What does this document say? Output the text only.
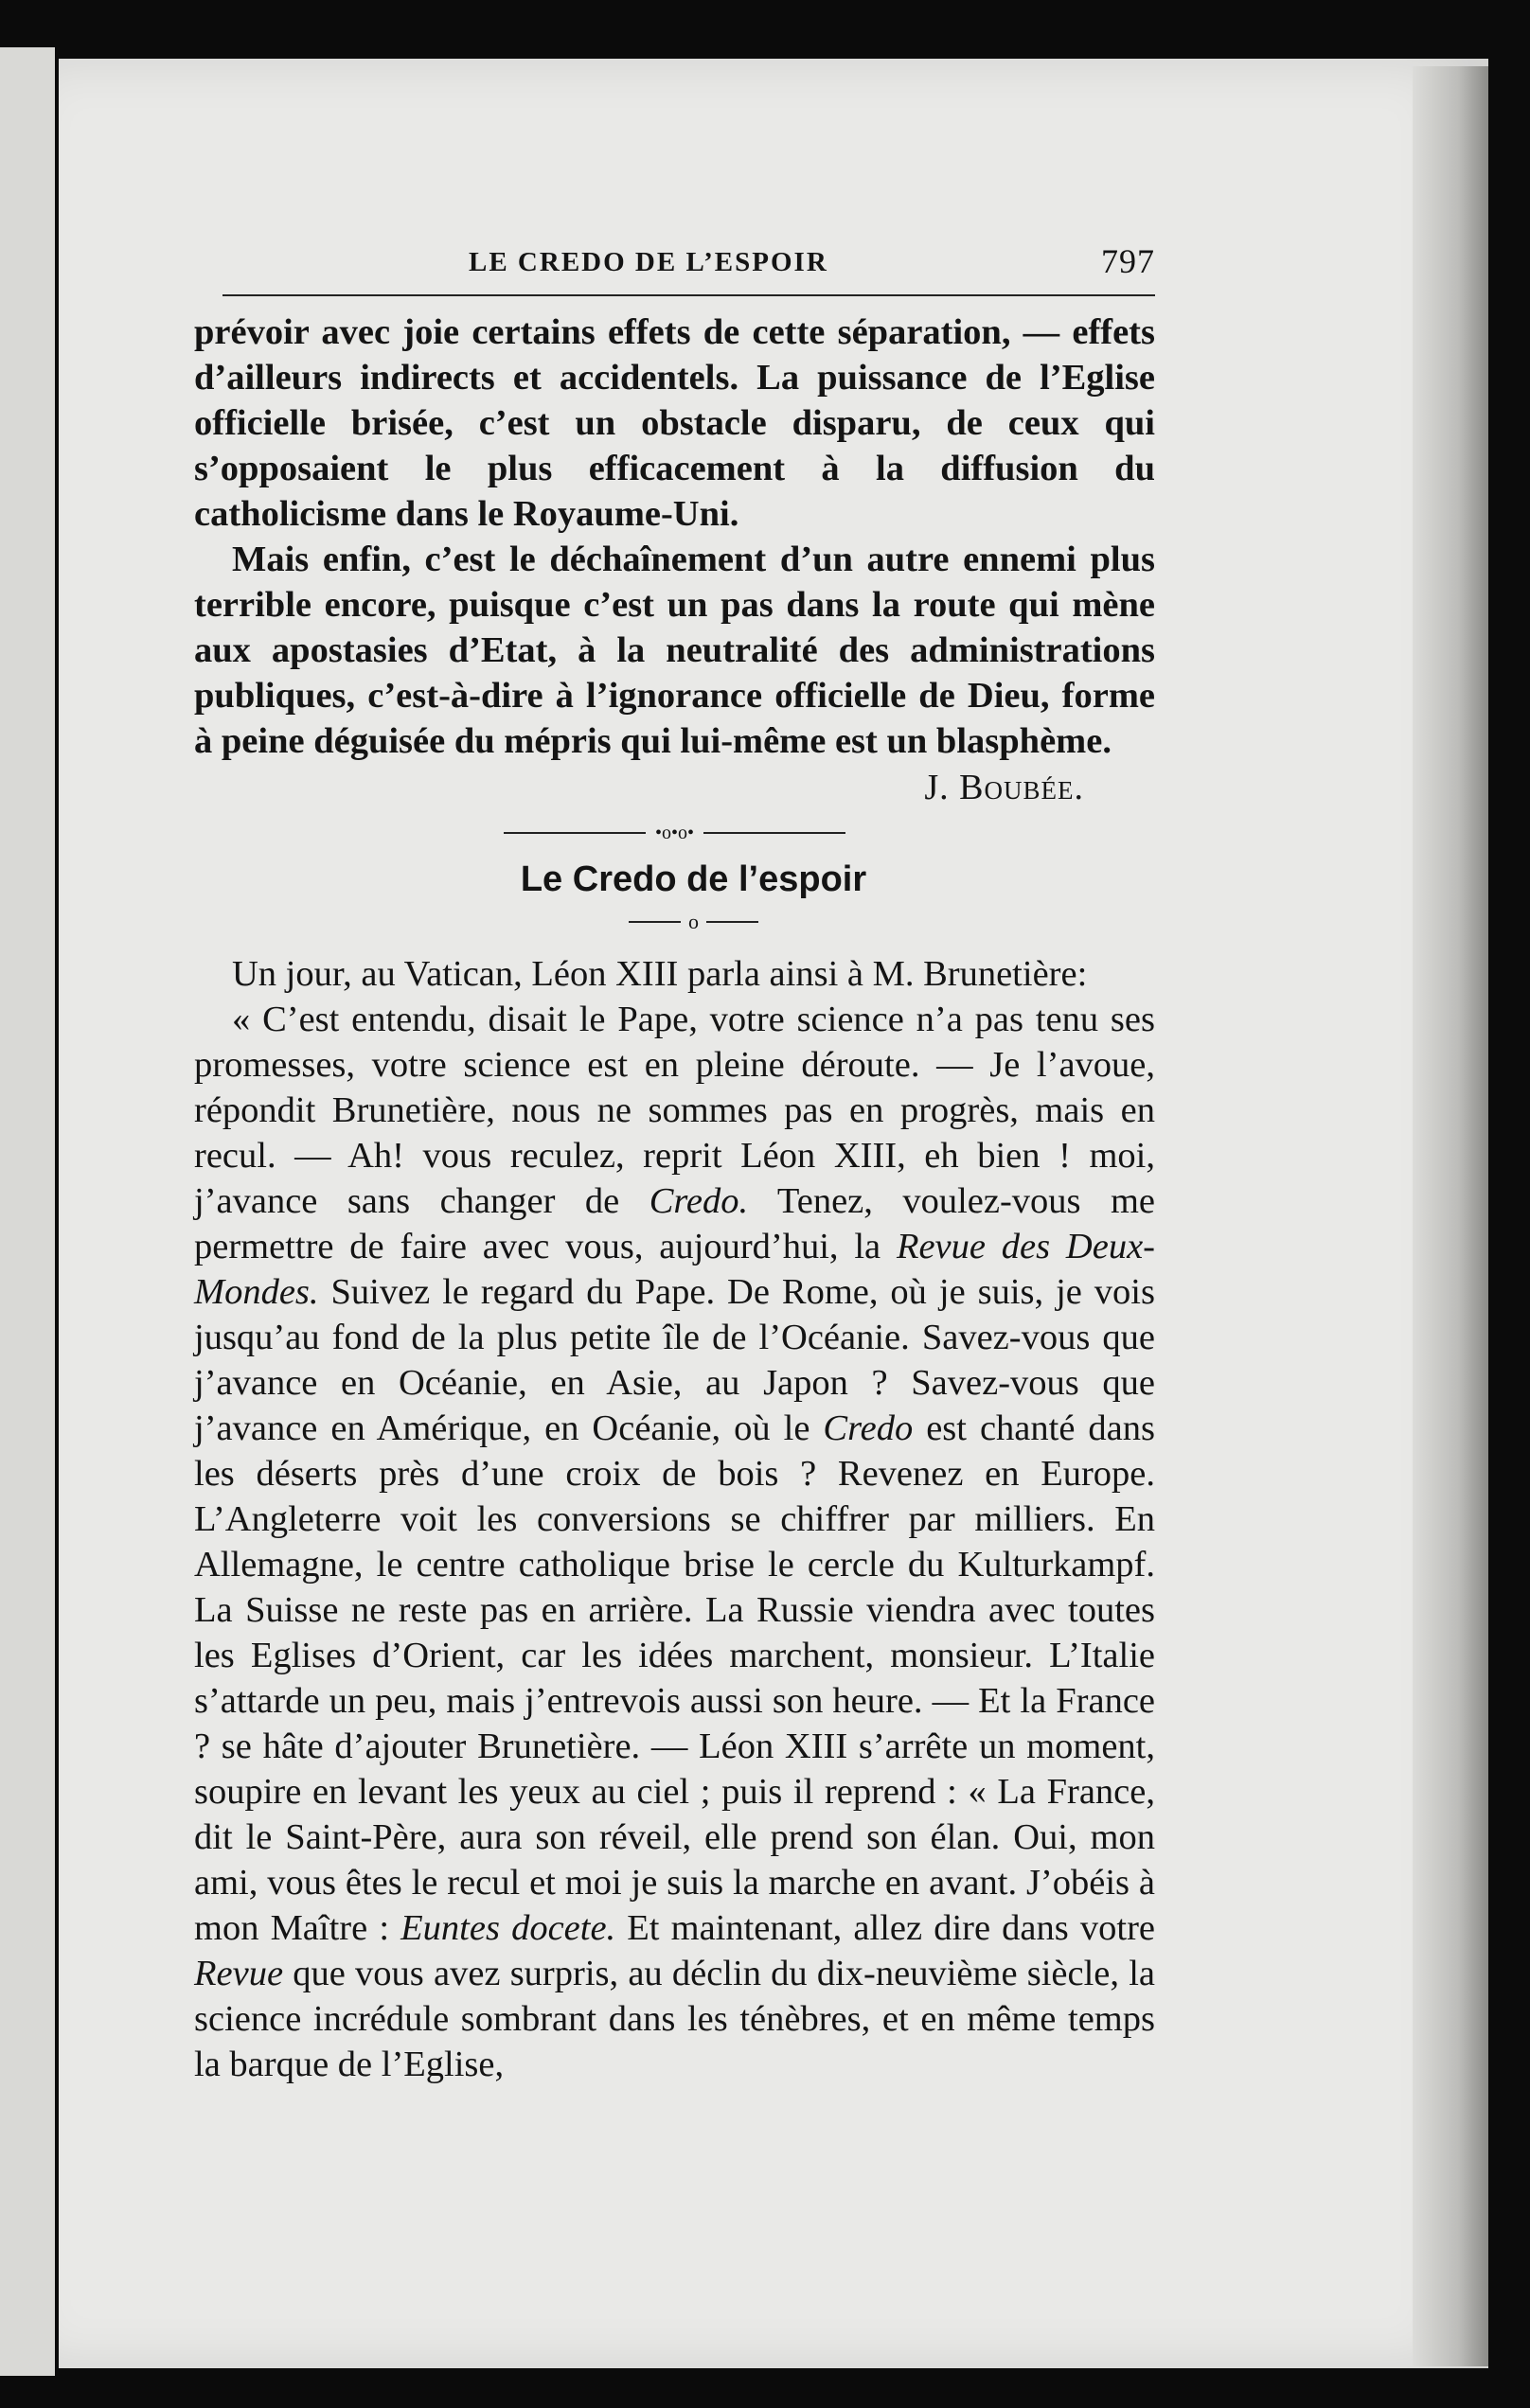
LE CREDO DE L’ESPOIR	797

prévoir avec joie certains effets de cette séparation, — effets d’ailleurs indirects et accidentels. La puissance de l’Eglise officielle brisée, c’est un obstacle disparu, de ceux qui s’opposaient le plus efficacement à la diffusion du catholicisme dans le Royaume-Uni.

Mais enfin, c’est le déchaînement d’un autre ennemi plus terrible encore, puisque c’est un pas dans la route qui mène aux apostasies d’Etat, à la neutralité des administrations publiques, c’est-à-dire à l’ignorance officielle de Dieu, forme à peine déguisée du mépris qui lui-même est un blasphème.

J. Boubée.
•o•o•
Le Credo de l’espoir
o

Un jour, au Vatican, Léon XIII parla ainsi à M. Brunetière:

« C’est entendu, disait le Pape, votre science n’a pas tenu ses promesses, votre science est en pleine déroute. — Je l’avoue, répondit Brunetière, nous ne sommes pas en progrès, mais en recul. — Ah! vous reculez, reprit Léon XIII, eh bien ! moi, j’avance sans changer de Credo. Tenez, voulez-vous me permettre de faire avec vous, aujourd’hui, la Revue des Deux-Mondes. Suivez le regard du Pape. De Rome, où je suis, je vois jusqu’au fond de la plus petite île de l’Océanie. Savez-vous que j’avance en Océanie, en Asie, au Japon ? Savez-vous que j’avance en Amérique, en Océanie, où le Credo est chanté dans les déserts près d’une croix de bois ? Revenez en Europe. L’Angleterre voit les conversions se chiffrer par milliers. En Allemagne, le centre catholique brise le cercle du Kulturkampf. La Suisse ne reste pas en arrière. La Russie viendra avec toutes les Eglises d’Orient, car les idées marchent, monsieur. L’Italie s’attarde un peu, mais j’entrevois aussi son heure. — Et la France ? se hâte d’ajouter Brunetière. — Léon XIII s’arrête un moment, soupire en levant les yeux au ciel ; puis il reprend : « La France, dit le Saint-Père, aura son réveil, elle prend son élan. Oui, mon ami, vous êtes le recul et moi je suis la marche en avant. J’obéis à mon Maître : Euntes docete. Et maintenant, allez dire dans votre Revue que vous avez surpris, au déclin du dix-neuvième siècle, la science incrédule sombrant dans les ténèbres, et en même temps la barque de l’Eglise,
